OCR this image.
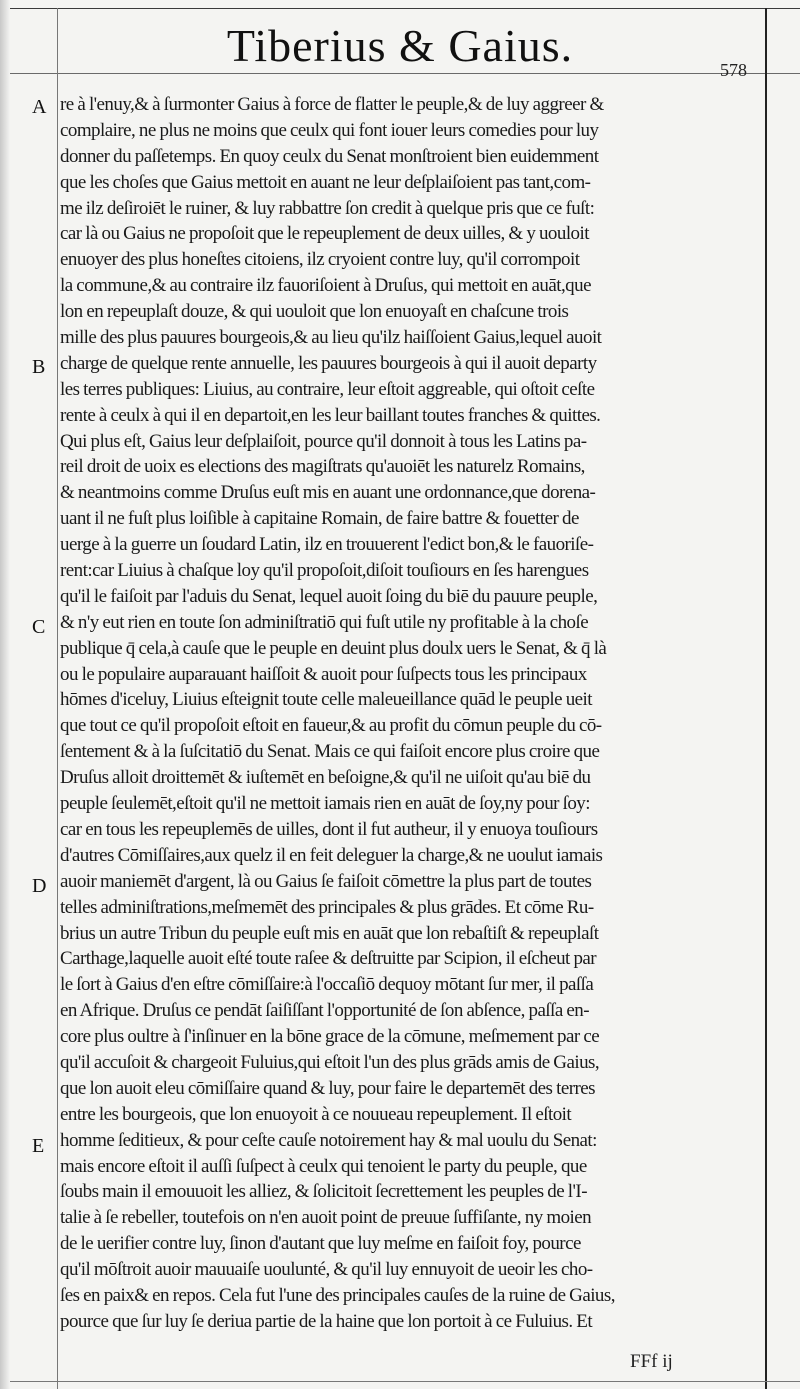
Tiberius & Gaius.	578
A
B
C
D
E
re à l'enuy,& à ſurmonter Gaius à force de flatter le peuple,& de luy aggreer &
complaire, ne plus ne moins que ceulx qui font iouer leurs comedies pour luy
donner du paſſetemps. En quoy ceulx du Senat monſtroient bien euidemment
que les choſes que Gaius mettoit en auant ne leur deſplaiſoient pas tant,com-
me ilz deſiroiēt le ruiner, & luy rabbattre ſon credit à quelque pris que ce fuſt:
car là ou Gaius ne propoſoit que le repeuplement de deux uilles, & y uouloit
enuoyer des plus honeſtes citoiens, ilz cryoient contre luy, qu'il corrompoit
la commune,& au contraire ilz fauoriſoient à Druſus, qui mettoit en auāt,que
lon en repeuplaſt douze, & qui uouloit que lon enuoyaſt en chaſcune trois
mille des plus pauures bourgeois,& au lieu qu'ilz haiſſoient Gaius,lequel auoit
charge de quelque rente annuelle, les pauures bourgeois à qui il auoit departy
les terres publiques: Liuius, au contraire, leur eſtoit aggreable, qui oſtoit ceſte
rente à ceulx à qui il en departoit,en les leur baillant toutes franches & quittes.
Qui plus eſt, Gaius leur deſplaiſoit, pource qu'il donnoit à tous les Latins pa-
reil droit de uoix es elections des magiſtrats qu'auoiēt les naturelz Romains,
& neantmoins comme Druſus euſt mis en auant une ordonnance,que dorena-
uant il ne fuſt plus loiſible à capitaine Romain, de faire battre & fouetter de
uerge à la guerre un ſoudard Latin, ilz en trouuerent l'edict bon,& le fauoriſe-
rent:car Liuius à chaſque loy qu'il propoſoit,diſoit touſiours en ſes harengues
qu'il le faiſoit par l'aduis du Senat, lequel auoit ſoing du biē du pauure peuple,
& n'y eut rien en toute ſon adminiſtratiō qui fuſt utile ny profitable à la choſe
publique q̄ cela,à cauſe que le peuple en deuint plus doulx uers le Senat, & q̄ là
ou le populaire auparauant haiſſoit & auoit pour ſuſpects tous les principaux
hōmes d'iceluy, Liuius eſteignit toute celle maleueillance quād le peuple ueit
que tout ce qu'il propoſoit eſtoit en faueur,& au profit du cōmun peuple du cō-
ſentement & à la ſuſcitatiō du Senat. Mais ce qui faiſoit encore plus croire que
Druſus alloit droittemēt & iuſtemēt en beſoigne,& qu'il ne uiſoit qu'au biē du
peuple ſeulemēt,eſtoit qu'il ne mettoit iamais rien en auāt de ſoy,ny pour ſoy:
car en tous les repeuplemēs de uilles, dont il fut autheur, il y enuoya touſiours
d'autres Cōmiſſaires,aux quelz il en feit deleguer la charge,& ne uoulut iamais
auoir maniemēt d'argent, là ou Gaius ſe faiſoit cōmettre la plus part de toutes
telles adminiſtrations,meſmemēt des principales & plus grādes. Et cōme Ru-
brius un autre Tribun du peuple euſt mis en auāt que lon rebaſtiſt & repeuplaſt
Carthage,laquelle auoit eſté toute raſee & deſtruitte par Scipion, il eſcheut par
le ſort à Gaius d'en eſtre cōmiſſaire:à l'occaſiō dequoy mōtant ſur mer, il paſſa
en Afrique. Druſus ce pendāt ſaiſiſſant l'opportunité de ſon abſence, paſſa en-
core plus oultre à ſ'inſinuer en la bōne grace de la cōmune, meſmement par ce
qu'il accuſoit & chargeoit Fuluius,qui eſtoit l'un des plus grāds amis de Gaius,
que lon auoit eleu cōmiſſaire quand & luy, pour faire le departemēt des terres
entre les bourgeois, que lon enuoyoit à ce nouueau repeuplement. Il eſtoit
homme ſeditieux, & pour ceſte cauſe notoirement hay & mal uoulu du Senat:
mais encore eſtoit il auſſi ſuſpect à ceulx qui tenoient le party du peuple, que
ſoubs main il emouuoit les alliez, & ſolicitoit ſecrettement les peuples de l'I-
talie à ſe rebeller, toutefois on n'en auoit point de preuue ſuffiſante, ny moien
de le uerifier contre luy, ſinon d'autant que luy meſme en faiſoit foy, pource
qu'il mōſtroit auoir mauuaiſe uoulunté, & qu'il luy ennuyoit de ueoir les cho-
ſes en paix& en repos. Cela fut l'une des principales cauſes de la ruine de Gaius,
pource que ſur luy ſe deriua partie de la haine que lon portoit à ce Fuluius. Et
FFf ij
